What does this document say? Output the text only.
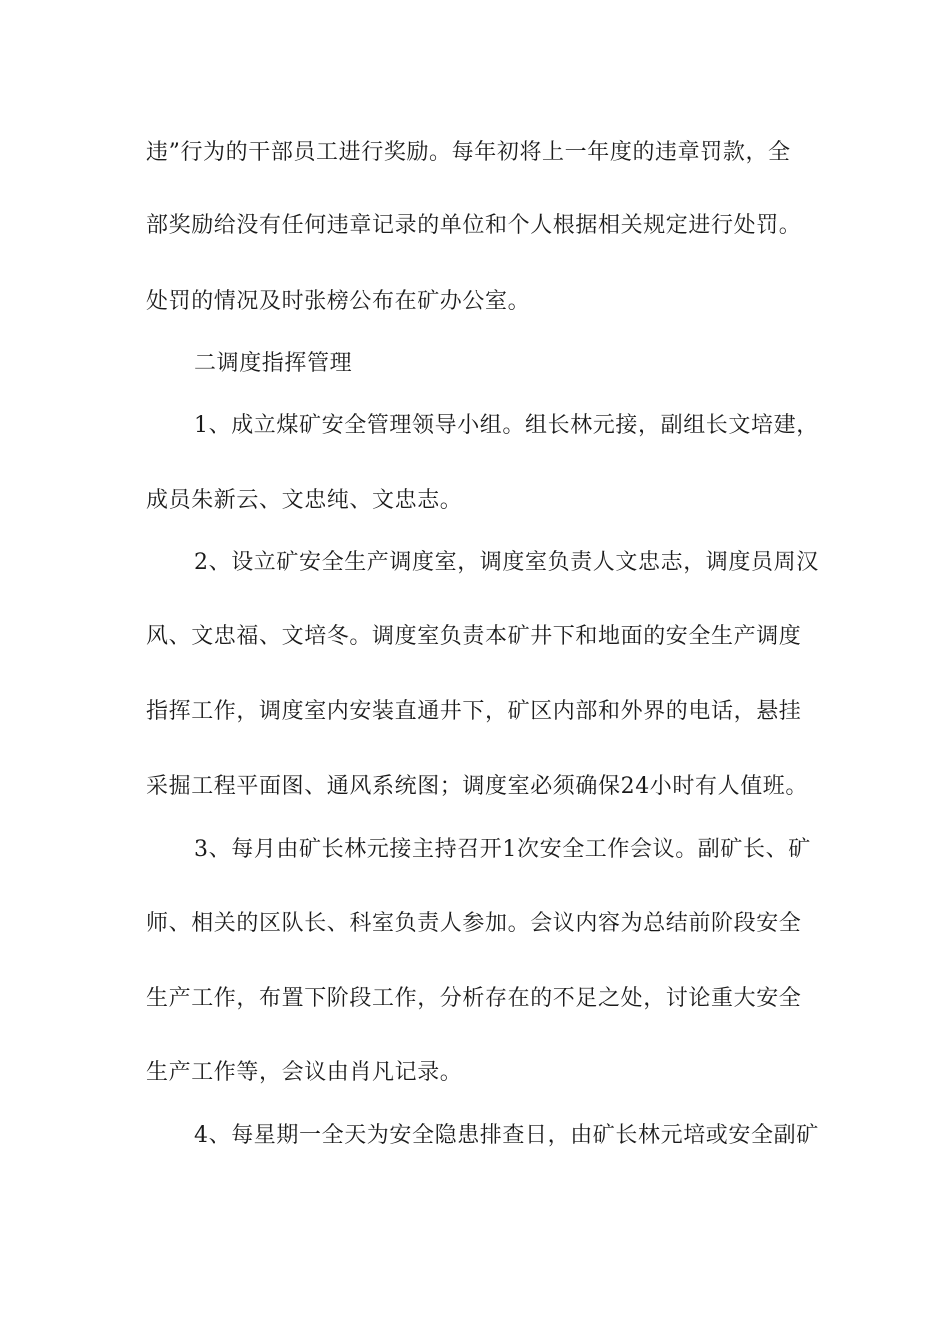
违”行为的干部员工进行奖励。每年初将上一年度的违章罚款，全
部奖励给没有任何违章记录的单位和个人根据相关规定进行处罚。
处罚的情况及时张榜公布在矿办公室。
二调度指挥管理
1、成立煤矿安全管理领导小组。组长林元接，副组长文培建，
成员朱新云、文忠纯、文忠志。
2、设立矿安全生产调度室，调度室负责人文忠志，调度员周汉
风、文忠福、文培冬。调度室负责本矿井下和地面的安全生产调度
指挥工作，调度室内安装直通井下，矿区内部和外界的电话，悬挂
采掘工程平面图、通风系统图；调度室必须确保24小时有人值班。
3、每月由矿长林元接主持召开1次安全工作会议。副矿长、矿
师、相关的区队长、科室负责人参加。会议内容为总结前阶段安全
生产工作，布置下阶段工作，分析存在的不足之处，讨论重大安全
生产工作等，会议由肖凡记录。
4、每星期一全天为安全隐患排查日，由矿长林元培或安全副矿
